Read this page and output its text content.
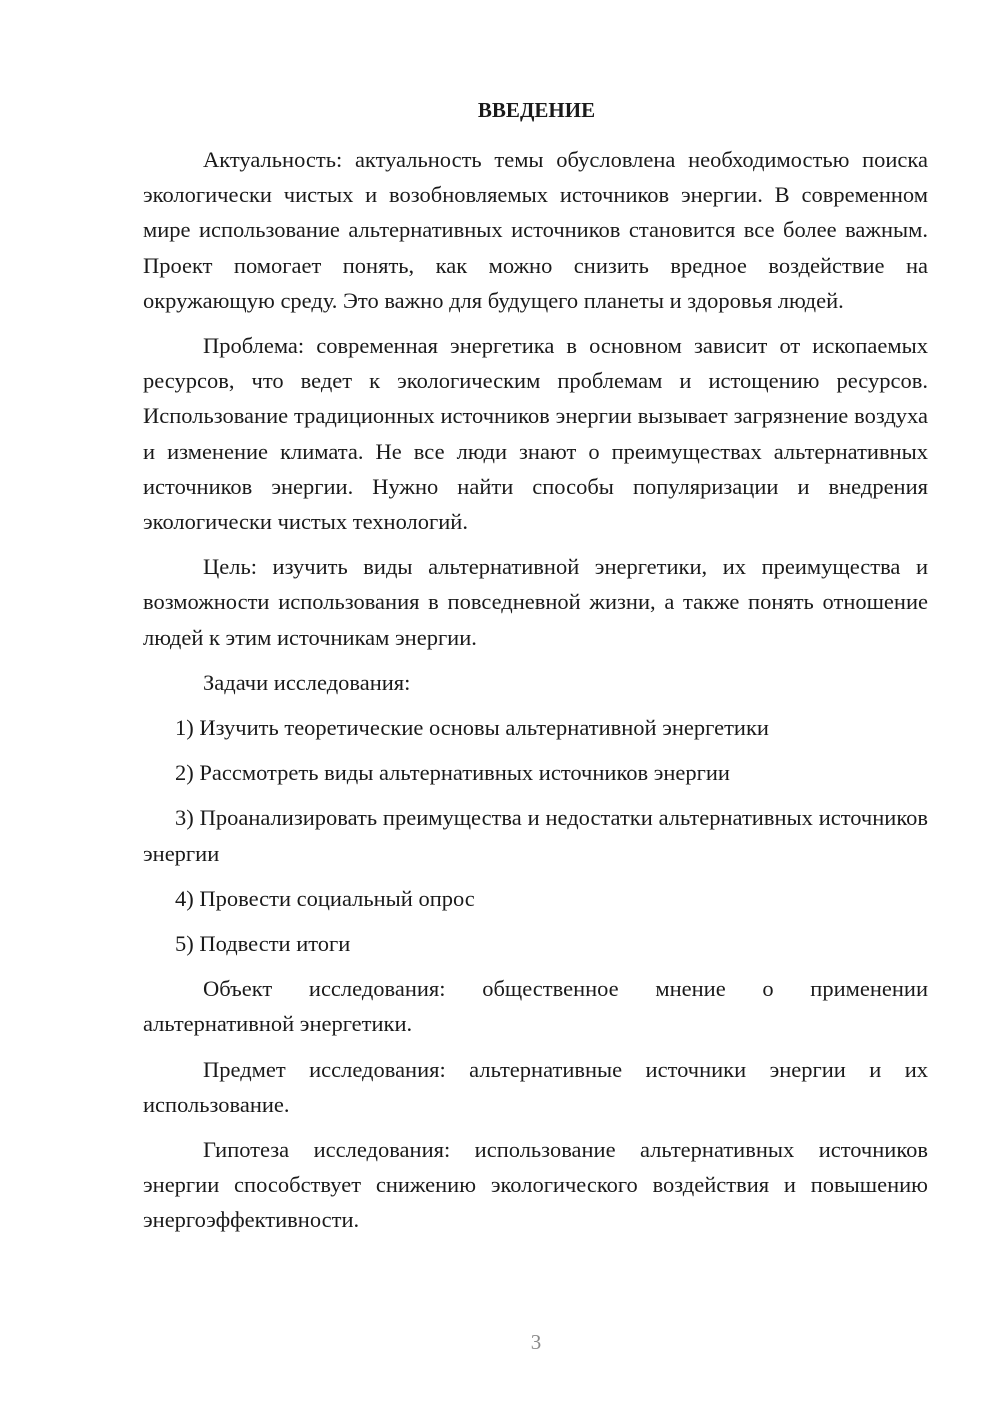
ВВЕДЕНИЕ
Актуальность: актуальность темы обусловлена необходимостью поиска экологически чистых и возобновляемых источников энергии. В современном мире использование альтернативных источников становится все более важным. Проект помогает понять, как можно снизить вредное воздействие на окружающую среду. Это важно для будущего планеты и здоровья людей.
Проблема: современная энергетика в основном зависит от ископаемых ресурсов, что ведет к экологическим проблемам и истощению ресурсов. Использование традиционных источников энергии вызывает загрязнение воздуха и изменение климата. Не все люди знают о преимуществах альтернативных источников энергии. Нужно найти способы популяризации и внедрения экологически чистых технологий.
Цель: изучить виды альтернативной энергетики, их преимущества и возможности использования в повседневной жизни, а также понять отношение людей к этим источникам энергии.
Задачи исследования:
1) Изучить теоретические основы альтернативной энергетики
2) Рассмотреть виды альтернативных источников энергии
3) Проанализировать преимущества и недостатки альтернативных источников энергии
4) Провести социальный опрос
5) Подвести итоги
Объект исследования: общественное мнение о применении альтернативной энергетики.
Предмет исследования: альтернативные источники энергии и их использование.
Гипотеза исследования: использование альтернативных источников энергии способствует снижению экологического воздействия и повышению энергоэффективности.
3
